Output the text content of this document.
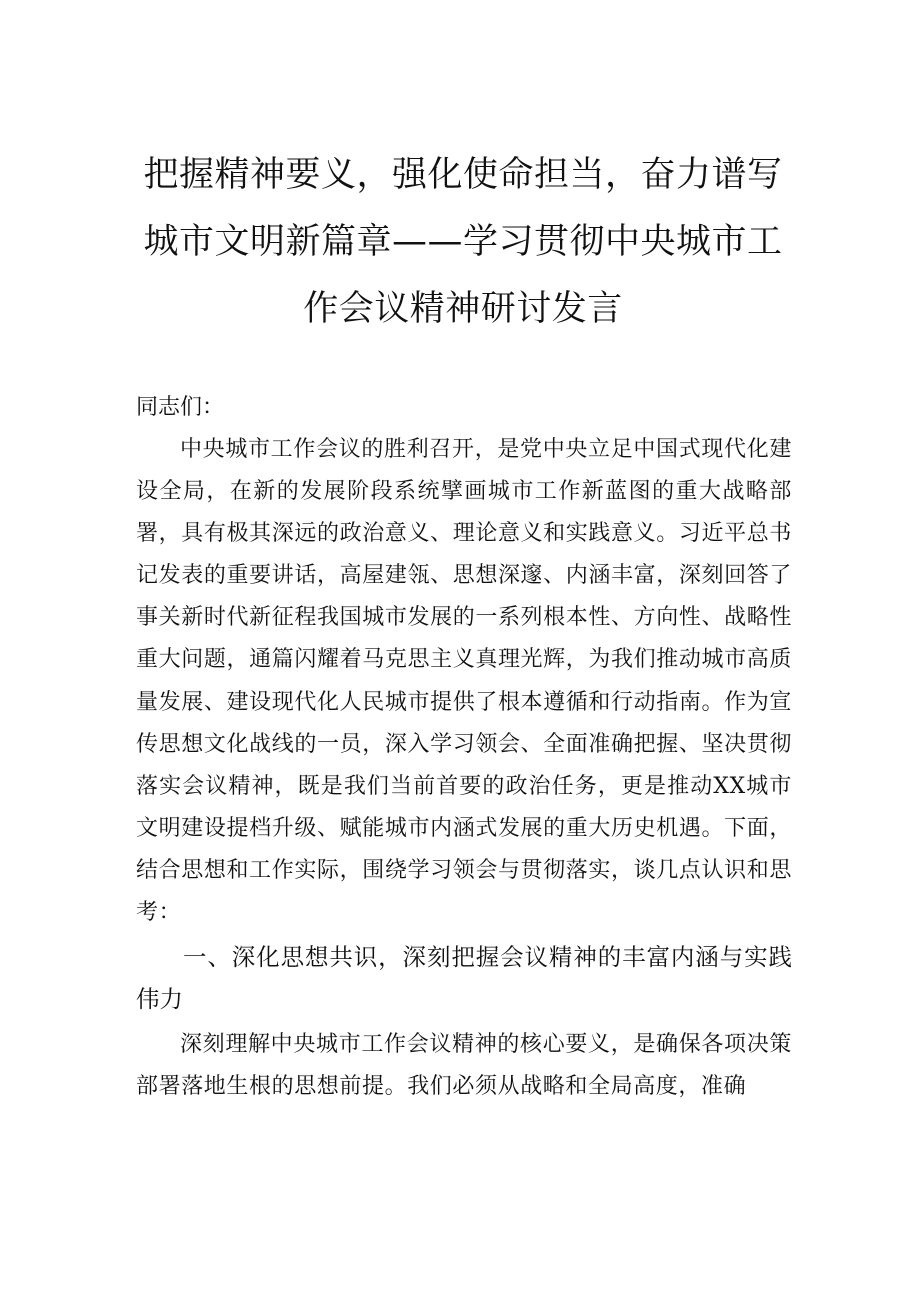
把握精神要义，强化使命担当，奋力谱写
城市文明新篇章——学习贯彻中央城市工
作会议精神研讨发言
同志们：

中央城市工作会议的胜利召开，是党中央立足中国式现代化建设全局，在新的发展阶段系统擘画城市工作新蓝图的重大战略部署，具有极其深远的政治意义、理论意义和实践意义。习近平总书记发表的重要讲话，高屋建瓴、思想深邃、内涵丰富，深刻回答了事关新时代新征程我国城市发展的一系列根本性、方向性、战略性重大问题，通篇闪耀着马克思主义真理光辉，为我们推动城市高质量发展、建设现代化人民城市提供了根本遵循和行动指南。作为宣传思想文化战线的一员，深入学习领会、全面准确把握、坚决贯彻落实会议精神，既是我们当前首要的政治任务，更是推动XX城市文明建设提档升级、赋能城市内涵式发展的重大历史机遇。下面，结合思想和工作实际，围绕学习领会与贯彻落实，谈几点认识和思考：

一、深化思想共识，深刻把握会议精神的丰富内涵与实践伟力

深刻理解中央城市工作会议精神的核心要义，是确保各项决策部署落地生根的思想前提。我们必须从战略和全局高度，准确
